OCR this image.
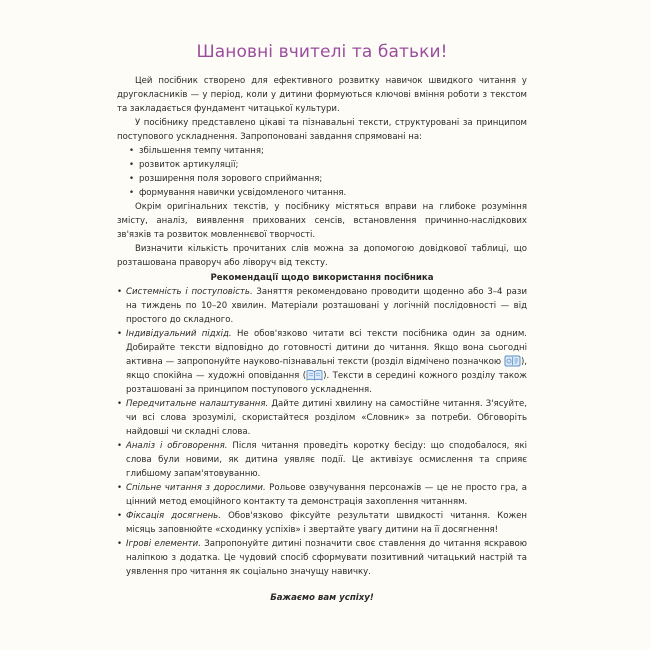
Шановні вчителі та батьки!

Цей посібник створено для ефективного розвитку навичок швидкого читання у другокласників — у період, коли у дитини формуються ключові вміння роботи з текстом та закладається фундамент читацької культури.

У посібнику представлено цікаві та пізнавальні тексти, структуровані за принципом поступового ускладнення. Запропоновані завдання спрямовані на:

• збільшення темпу читання;
• розвиток артикуляції;
• розширення поля зорового сприймання;
• формування навички усвідомленого читання.

Окрім оригінальних текстів, у посібнику містяться вправи на глибоке розуміння змісту, аналіз, виявлення прихованих сенсів, встановлення причинно-наслідкових зв'язків та розвиток мовленнєвої творчості.

Визначити кількість прочитаних слів можна за допомогою довідкової таблиці, що розташована праворуч або ліворуч від тексту.

Рекомендації щодо використання посібника
• Системність і поступовість. Заняття рекомендовано проводити щоденно або 3–4 рази на тиждень по 10–20 хвилин. Матеріали розташовані у логічній послідовності — від простого до складного.
• Індивідуальний підхід. Не обов'язково читати всі тексти посібника один за одним. Добирайте тексти відповідно до готовності дитини до читання. Якщо вона сьогодні активна — запропонуйте науково-пізнавальні тексти (розділ відмічено позначкою ), якщо спокійна — художні оповідання ( ). Тексти в середині кожного розділу також розташовані за принципом поступового ускладнення.
• Передчитальне налаштування. Дайте дитині хвилину на самостійне читання. З'ясуйте, чи всі слова зрозумілі, скористайтеся розділом «Словник» за потреби. Обговоріть найдовші чи складні слова.
• Аналіз і обговорення. Після читання проведіть коротку бесіду: що сподобалося, які слова були новими, як дитина уявляє події. Це активізує осмислення та сприяє глибшому запам'ятовуванню.
• Спільне читання з дорослими. Рольове озвучування персонажів — це не просто гра, а цінний метод емоційного контакту та демонстрація захоплення читанням.
• Фіксація досягнень. Обов'язково фіксуйте результати швидкості читання. Кожен місяць заповнюйте «сходинку успіхів» і звертайте увагу дитини на її досягнення!
• Ігрові елементи. Запропонуйте дитині позначити своє ставлення до читання яскравою наліпкою з додатка. Це чудовий спосіб сформувати позитивний читацький настрій та уявлення про читання як соціально значущу навичку.
Бажаємо вам успіху!
